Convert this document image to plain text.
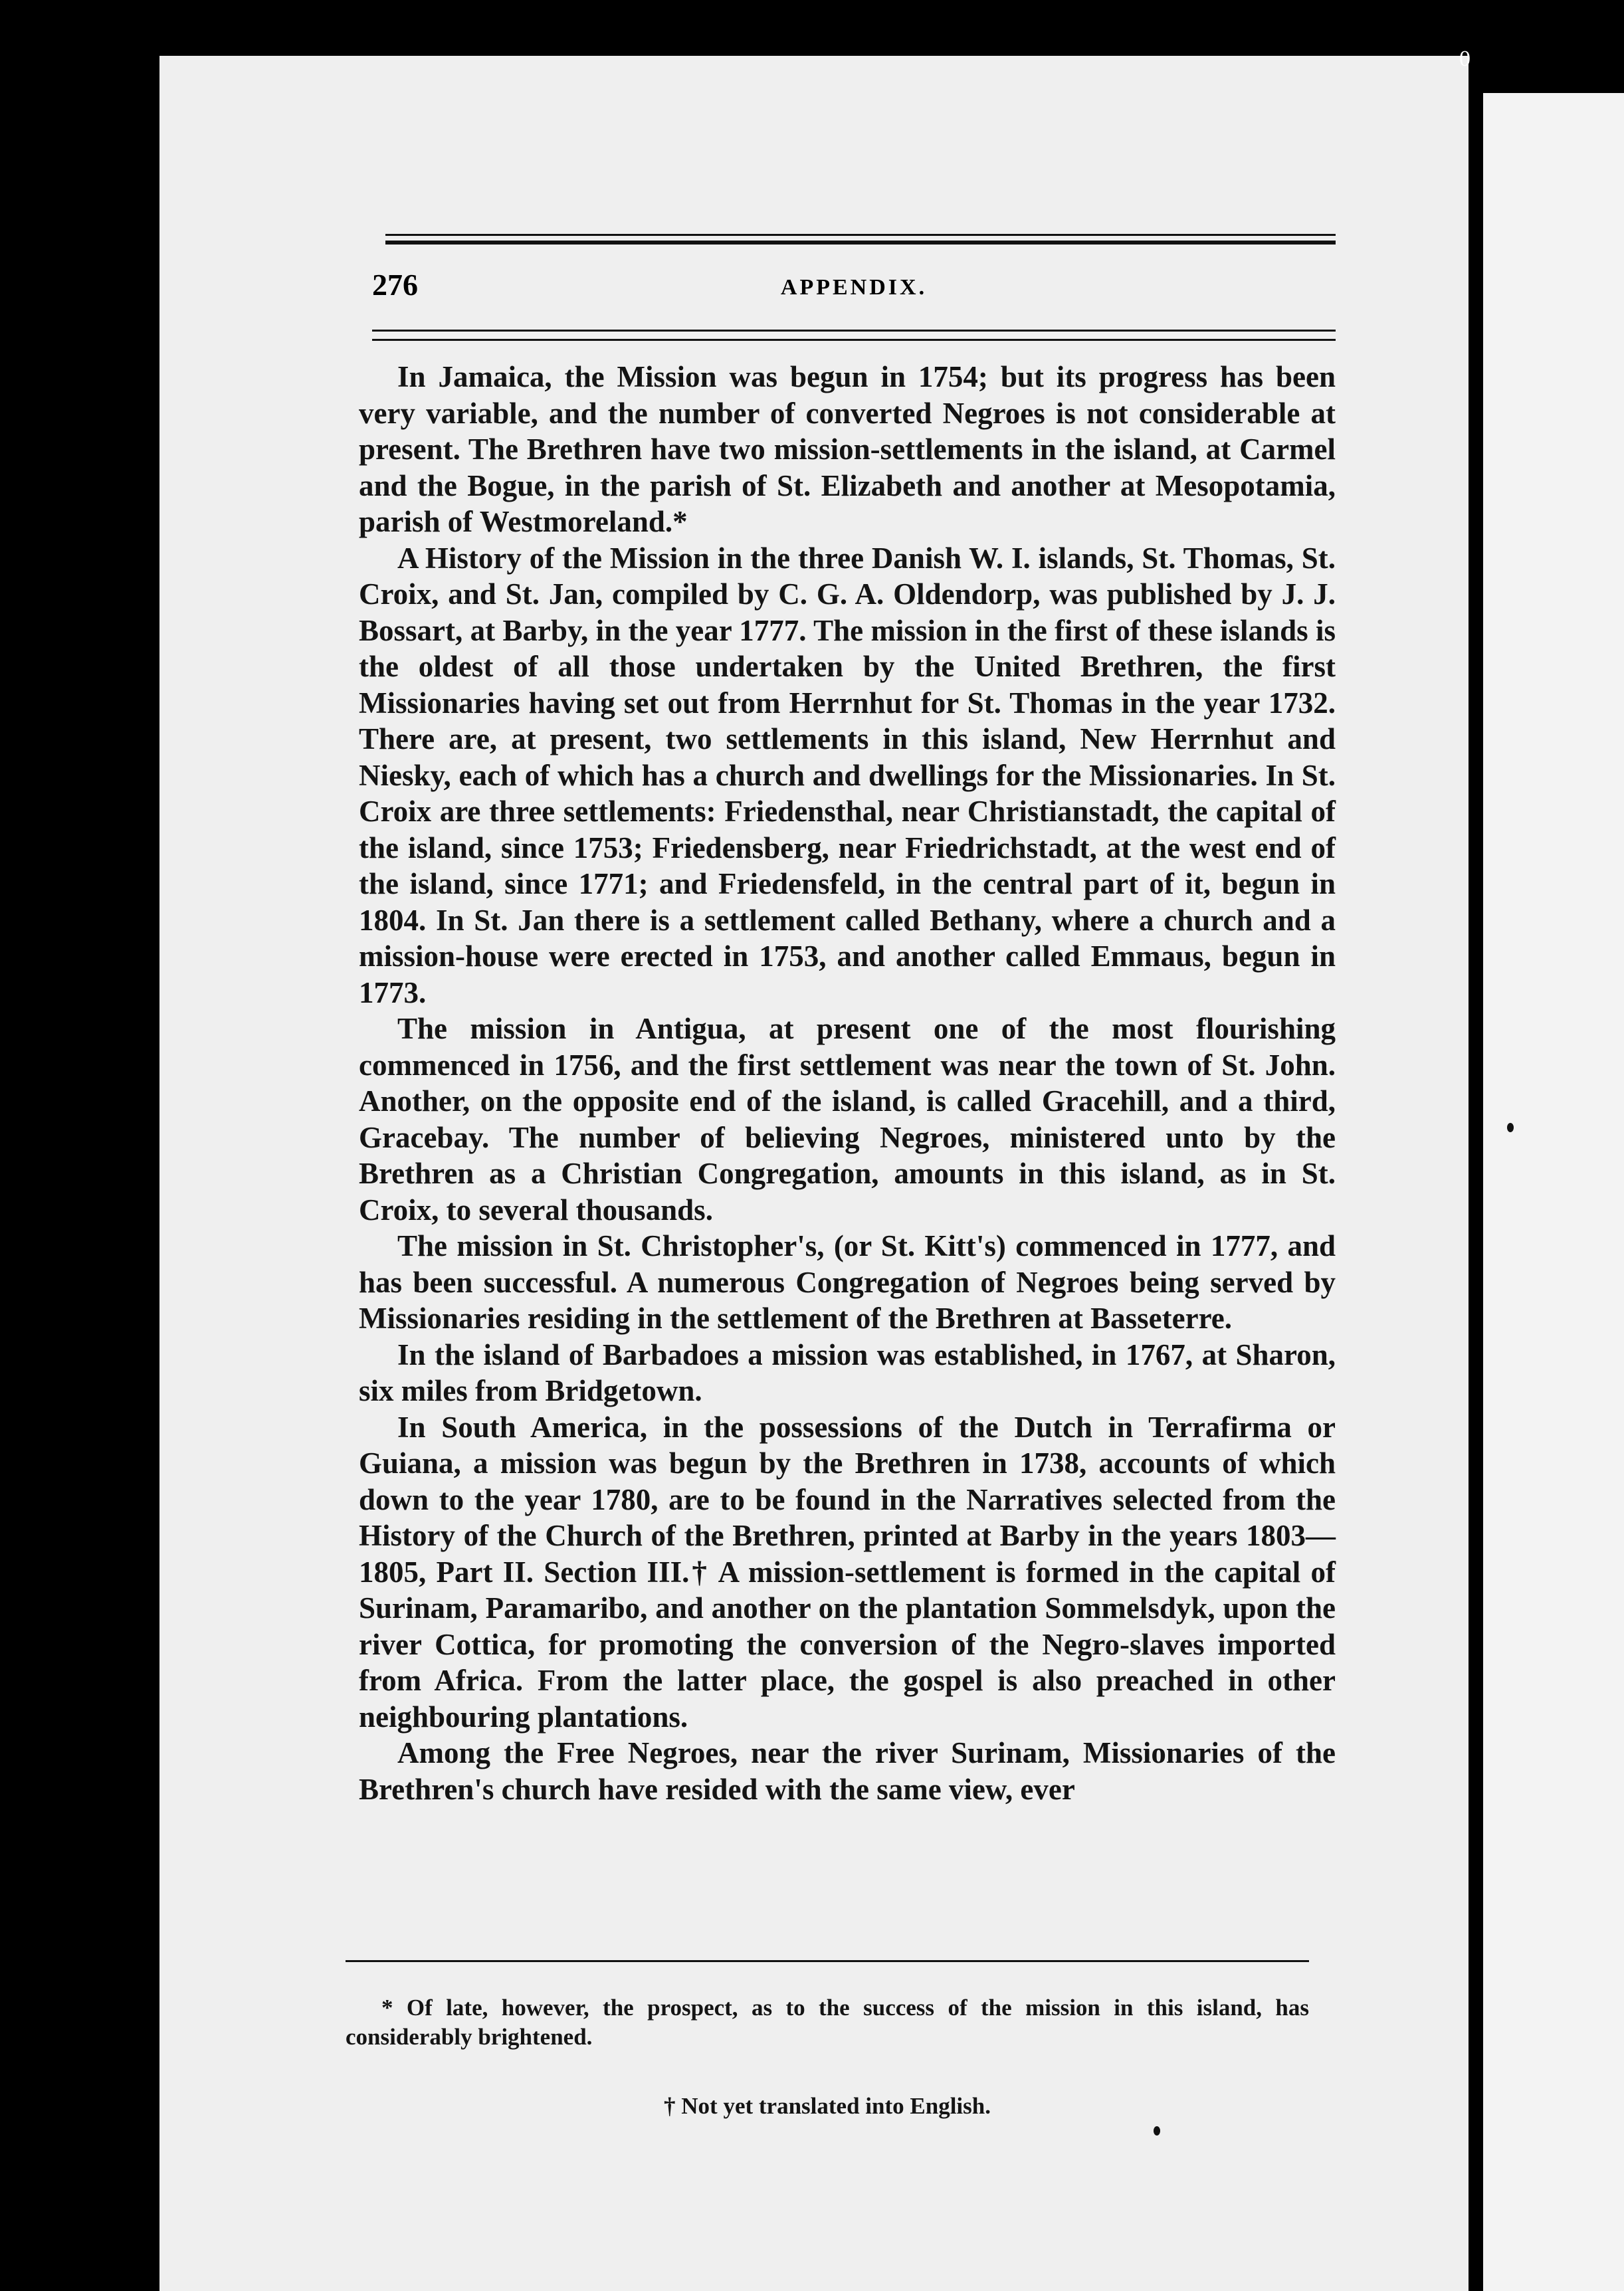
0
276	APPENDIX.

In Jamaica, the Mission was begun in 1754; but its progress has been very variable, and the number of converted Negroes is not considerable at present. The Brethren have two mission-settlements in the island, at Carmel and the Bogue, in the parish of St. Elizabeth and another at Mesopotamia, parish of Westmoreland.*

A History of the Mission in the three Danish W. I. islands, St. Thomas, St. Croix, and St. Jan, compiled by C. G. A. Oldendorp, was published by J. J. Bossart, at Barby, in the year 1777. The mission in the first of these islands is the oldest of all those undertaken by the United Brethren, the first Missionaries having set out from Herrnhut for St. Thomas in the year 1732. There are, at present, two settlements in this island, New Herrnhut and Niesky, each of which has a church and dwellings for the Missionaries. In St. Croix are three settlements: Friedensthal, near Christianstadt, the capital of the island, since 1753; Friedensberg, near Friedrichstadt, at the west end of the island, since 1771; and Friedensfeld, in the central part of it, begun in 1804. In St. Jan there is a settlement called Bethany, where a church and a mission-house were erected in 1753, and another called Emmaus, begun in 1773.

The mission in Antigua, at present one of the most flourishing commenced in 1756, and the first settlement was near the town of St. John. Another, on the opposite end of the island, is called Gracehill, and a third, Gracebay. The number of believing Negroes, ministered unto by the Brethren as a Christian Congregation, amounts in this island, as in St. Croix, to several thousands.

The mission in St. Christopher's, (or St. Kitt's) commenced in 1777, and has been successful. A numerous Congregation of Negroes being served by Missionaries residing in the settlement of the Brethren at Basseterre.

In the island of Barbadoes a mission was established, in 1767, at Sharon, six miles from Bridgetown.

In South America, in the possessions of the Dutch in Terrafirma or Guiana, a mission was begun by the Brethren in 1738, accounts of which down to the year 1780, are to be found in the Narratives selected from the History of the Church of the Brethren, printed at Barby in the years 1803—1805, Part II. Section III.† A mission-settlement is formed in the capital of Surinam, Paramaribo, and another on the plantation Sommelsdyk, upon the river Cottica, for promoting the conversion of the Negro-slaves imported from Africa. From the latter place, the gospel is also preached in other neighbouring plantations.

Among the Free Negroes, near the river Surinam, Missionaries of the Brethren's church have resided with the same view, ever

* Of late, however, the prospect, as to the success of the mission in this island, has considerably brightened.

† Not yet translated into English.
